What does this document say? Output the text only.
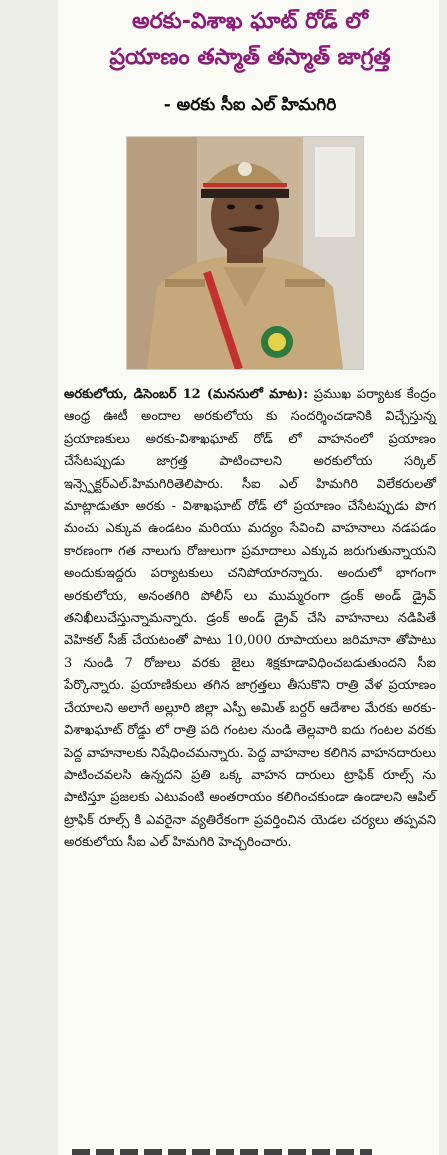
అరకు-విశాఖ ఘాట్ రోడ్ లో
ప్రయాణం తస్మాత్ తస్మాత్ జాగ్రత్త
- అరకు సీఐ ఎల్ హిమగిరి

అరకులోయ, డిసెంబర్ 12 (మనసులో మాట): ప్రముఖ పర్యాటక కేంద్రం ఆంధ్ర ఊటీ అందాల అరకులోయ కు సందర్శించడానికి విచ్చేస్తున్న ప్రయాణకులు అరకు-విశాఖఘాట్ రోడ్ లో వాహనంలో ప్రయాణం చేసేటప్పుడు జాగ్రత్త పాటించాలని అరకులోయ సర్కిల్ ఇన్స్పెక్టర్ఎల్.హిమగిరితెలిపారు. సీఐ ఎల్ హిమగిరి విలేకరులతో మాట్లాడుతూ అరకు - విశాఖఘాట్ రోడ్ లో ప్రయాణం చేసేటప్పుడు పొగ మంచు ఎక్కువ ఉండటం మరియు మద్యం సేవించి వాహనాలు నడపడం కారణంగా గత నాలుగు రోజులుగా ప్రమాదాలు ఎక్కువ జరుగుతున్నాయని అందుకుఇద్దరు పర్యాటకులు చనిపోయారన్నారు. అందులో భాగంగా అరకులోయ, అనంతగిరి పోలీస్ లు ముమ్మరంగా డ్రంక్ అండ్ డ్రైవ్ తనిఖీలుచేస్తున్నామన్నారు. డ్రంక్ అండ్ డ్రైవ్ చేసి వాహనాలు నడిపితే వెహికల్ సీజ్ చేయటంతో పాటు 10,000 రూపాయలు జరిమానా తోపాటు 3 నుండి 7 రోజులు వరకు జైలు శిక్షకూడావిధించబడుతుందని సీఐ పేర్కొన్నారు. ప్రయాణికులు తగిన జాగ్రత్తలు తీసుకొని రాత్రి వేళ ప్రయాణం చేయాలని అలాగే అల్లూరి జిల్లా ఎస్పీ అమిత్ బర్దర్ ఆదేశాల మేరకు అరకు-విశాఖఘాట్ రోడ్డు లో రాత్రి పది గంటల నుండి తెల్లవారి ఐదు గంటల వరకు పెద్ద వాహనాలకు నిషేధించమన్నారు. పెద్ద వాహనాల కలిగిన వాహనదారులు పాటించవలసి ఉన్నదని ప్రతి ఒక్క వాహన దారులు ట్రాఫిక్ రూల్స్ ను పాటిస్తూ ప్రజలకు ఎటువంటి అంతరాయం కలిగించకుండా ఉండాలని ఆపిల్ ట్రాఫిక్ రూల్స్ కి ఎవరైనా వ్యతిరేకంగా ప్రవర్తించిన యెడల చర్యలు తప్పవని అరకులోయ సీఐ ఎల్ హిమగిరి హెచ్చరించారు.
